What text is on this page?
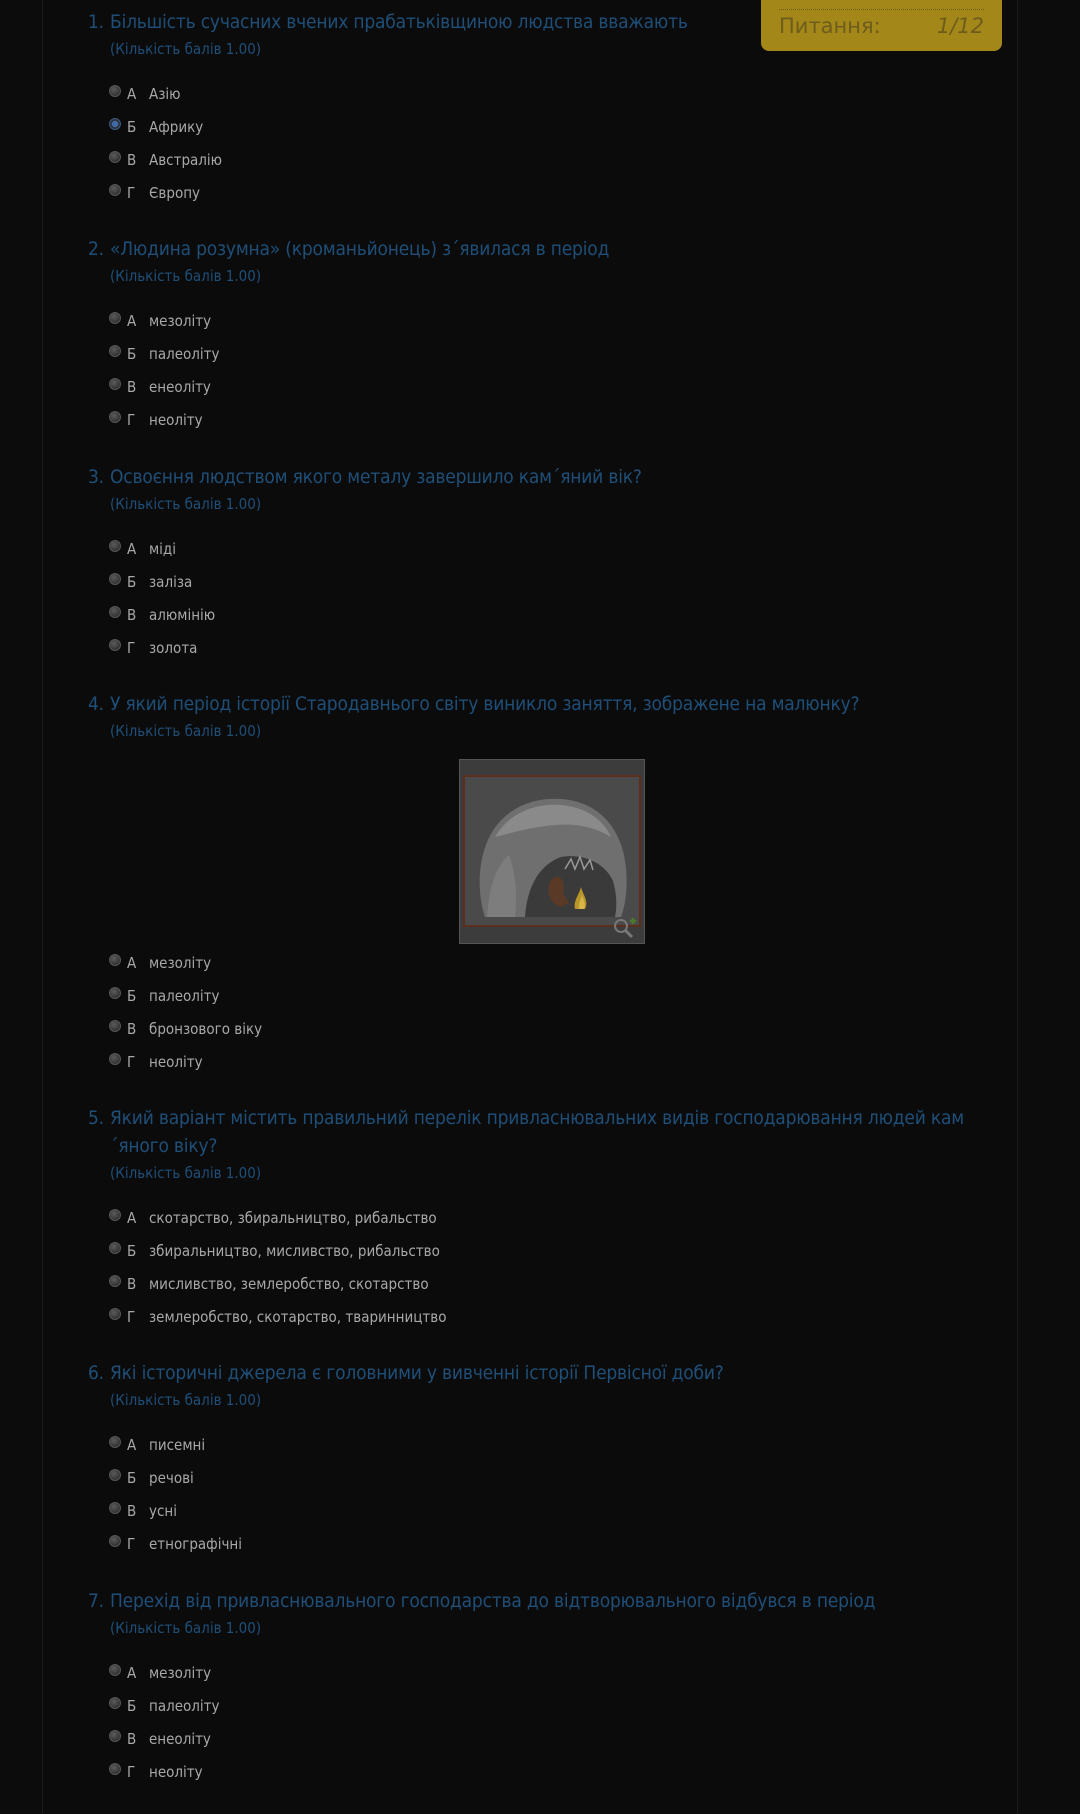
Питання:	1/12
1. Більшість сучасних вчених прабатьківщиною людства вважають
(Кількість балів 1.00)
А Азію
Б Африку
В Австралію
Г Європу
2. «Людина розумна» (кроманьйонець) з´явилася в період
(Кількість балів 1.00)
А мезоліту
Б палеоліту
В енеоліту
Г неоліту
3. Освоєння людством якого металу завершило кам´яний вік?
(Кількість балів 1.00)
А міді
Б заліза
В алюмінію
Г золота
4. У який період історії Стародавнього світу виникло заняття, зображене на малюнку?
(Кількість балів 1.00)
А мезоліту
Б палеоліту
В бронзового віку
Г неоліту
5. Який варіант містить правильний перелік привласнювальних видів господарювання людей кам´яного віку?
(Кількість балів 1.00)
А скотарство, збиральництво, рибальство
Б збиральництво, мисливство, рибальство
В мисливство, землеробство, скотарство
Г землеробство, скотарство, тваринництво
6. Які історичні джерела є головними у вивченні історії Первісної доби?
(Кількість балів 1.00)
А писемні
Б речові
В усні
Г етнографічні
7. Перехід від привласнювального господарства до відтворювального відбувся в період
(Кількість балів 1.00)
А мезоліту
Б палеоліту
В енеоліту
Г неоліту
